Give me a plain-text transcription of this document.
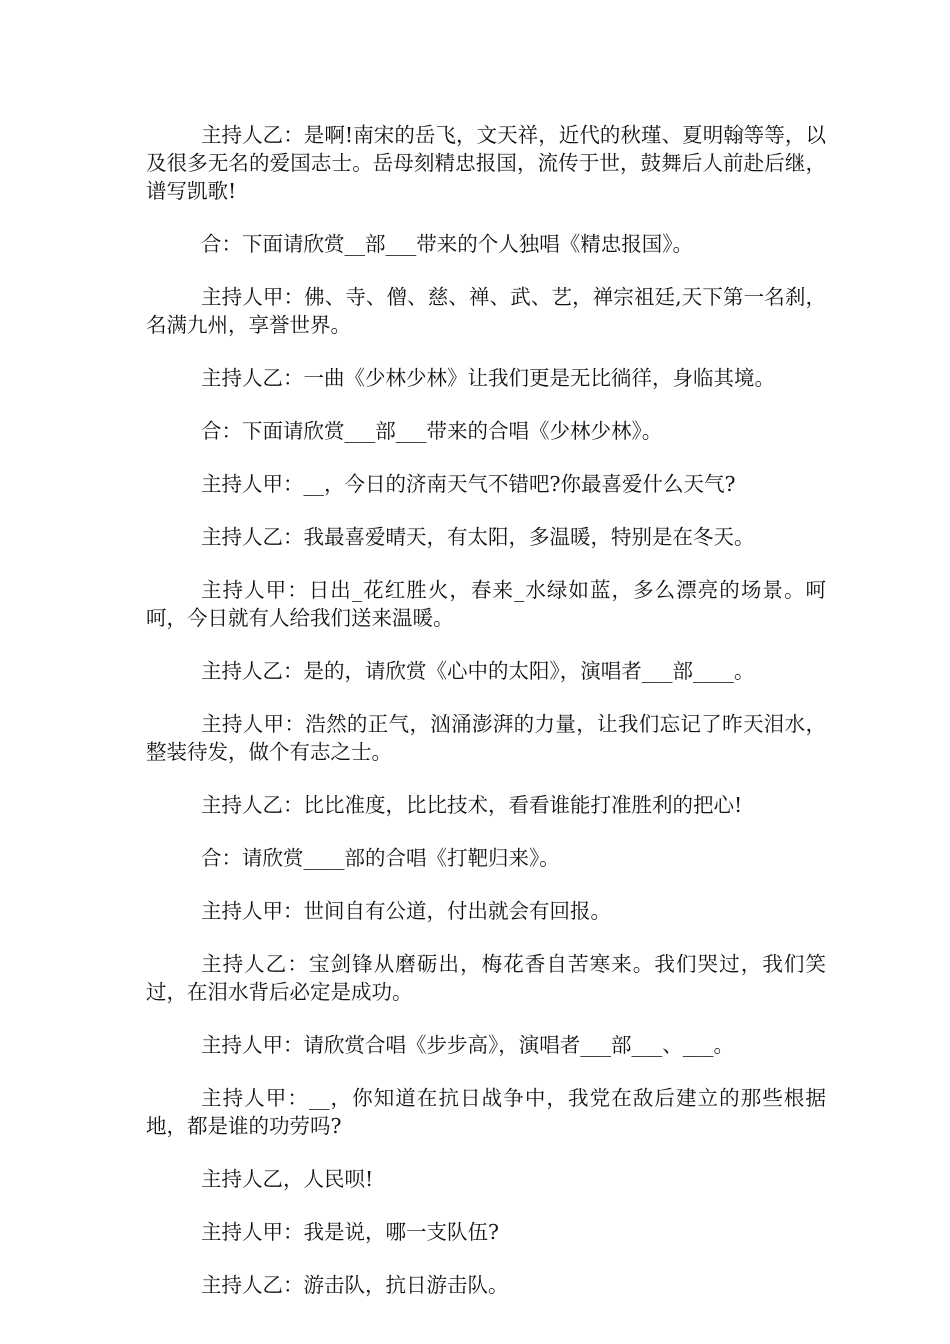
主持人乙：是啊!南宋的岳飞，文天祥，近代的秋瑾、夏明翰等等，以及很多无名的爱国志士。岳母刻精忠报国，流传于世，鼓舞后人前赴后继，谱写凯歌!

合：下面请欣赏__部___带来的个人独唱《精忠报国》。

主持人甲：佛、寺、僧、慈、禅、武、艺，禅宗祖廷,天下第一名刹，名满九州，享誉世界。

主持人乙：一曲《少林少林》让我们更是无比徜徉，身临其境。

合：下面请欣赏___部___带来的合唱《少林少林》。

主持人甲：__，今日的济南天气不错吧?你最喜爱什么天气?

主持人乙：我最喜爱晴天，有太阳，多温暖，特别是在冬天。

主持人甲：日出_花红胜火，春来_水绿如蓝，多么漂亮的场景。呵呵，今日就有人给我们送来温暖。

主持人乙：是的，请欣赏《心中的太阳》，演唱者___部____。

主持人甲：浩然的正气，汹涌澎湃的力量，让我们忘记了昨天泪水，整装待发，做个有志之士。

主持人乙：比比准度，比比技术，看看谁能打准胜利的把心!

合：请欣赏____部的合唱《打靶归来》。

主持人甲：世间自有公道，付出就会有回报。

主持人乙：宝剑锋从磨砺出，梅花香自苦寒来。我们哭过，我们笑过，在泪水背后必定是成功。

主持人甲：请欣赏合唱《步步高》，演唱者___部___、___。

主持人甲：__，你知道在抗日战争中，我党在敌后建立的那些根据地，都是谁的功劳吗?

主持人乙，人民呗!

主持人甲：我是说，哪一支队伍?

主持人乙：游击队，抗日游击队。
